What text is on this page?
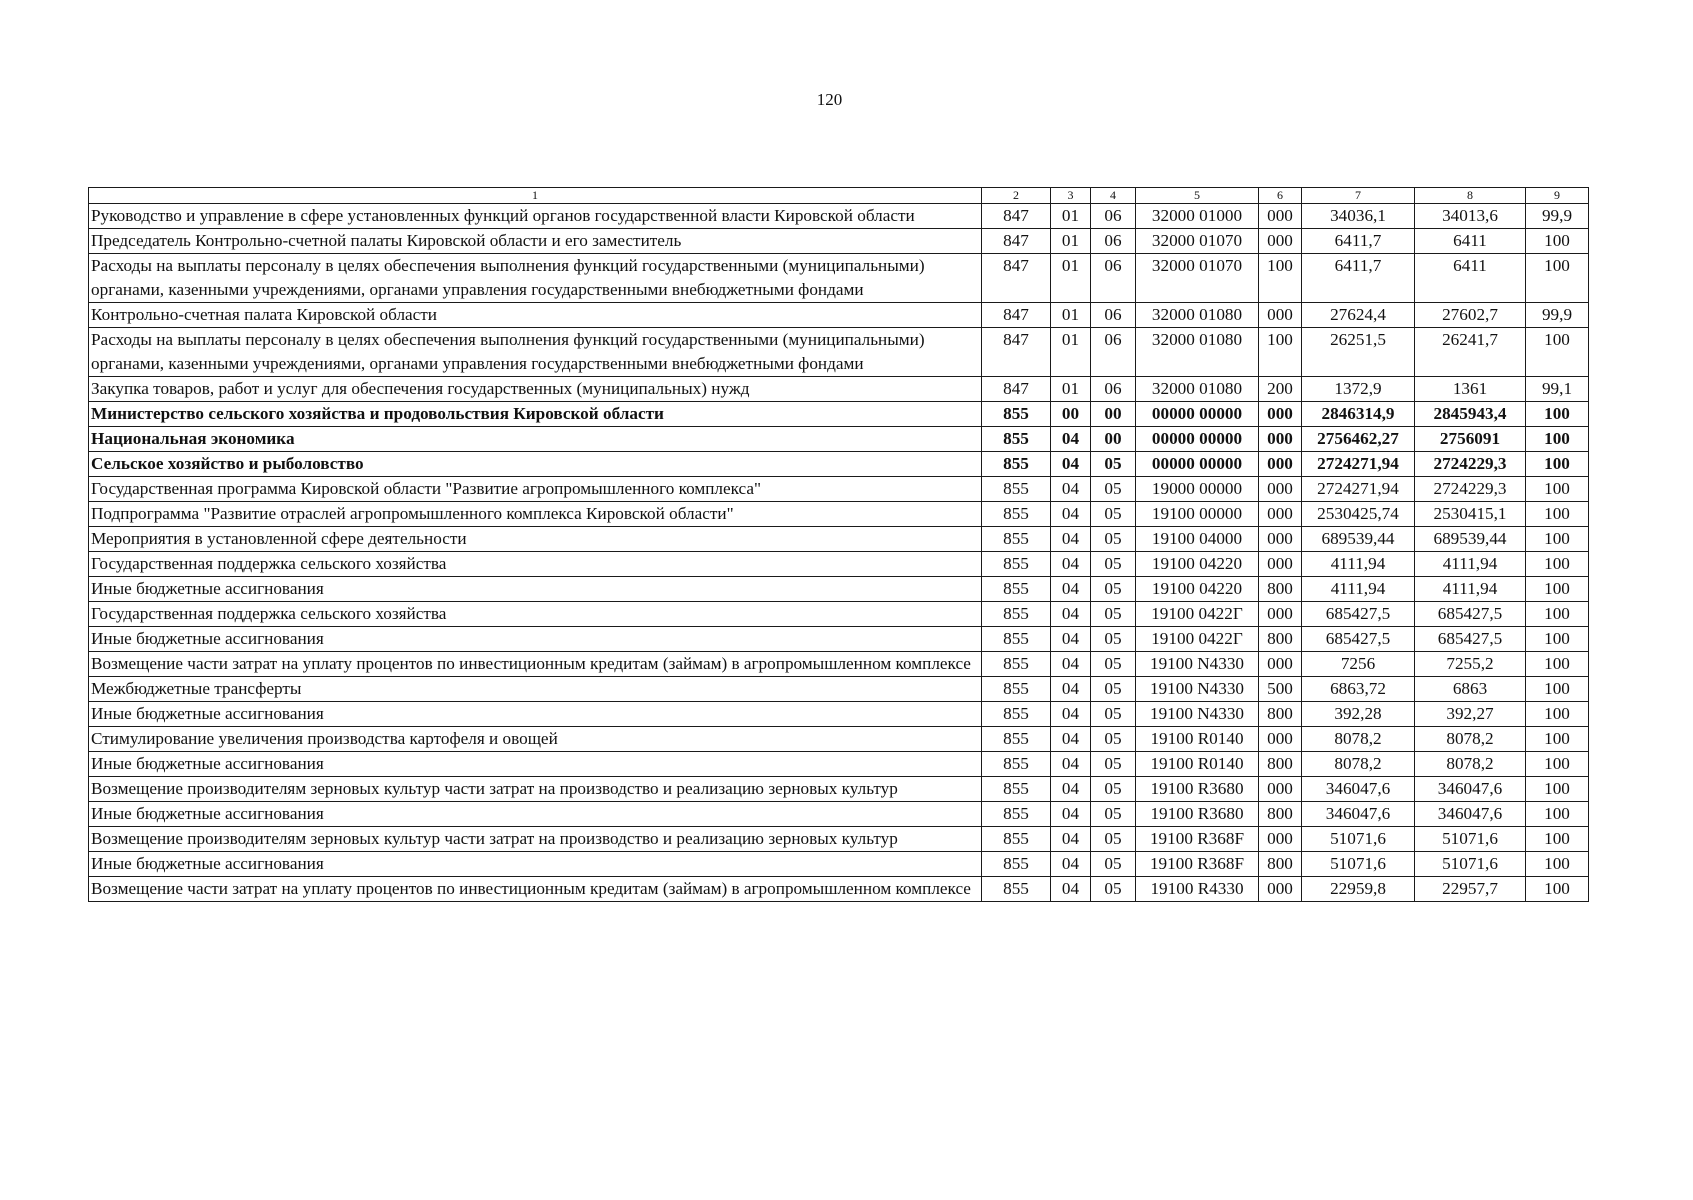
120
1	2	3	4	5	6	7	8	9
Руководство и управление в сфере установленных функций органов государственной власти Кировской области	847	01	06	32000 01000	000	34036,1	34013,6	99,9
Председатель Контрольно-счетной палаты Кировской области и его заместитель	847	01	06	32000 01070	000	6411,7	6411	100
Расходы на выплаты персоналу в целях обеспечения выполнения функций государственными (муниципальными) органами, казенными учреждениями, органами управления государственными внебюджетными фондами	847	01	06	32000 01070	100	6411,7	6411	100
Контрольно-счетная палата Кировской области	847	01	06	32000 01080	000	27624,4	27602,7	99,9
Расходы на выплаты персоналу в целях обеспечения выполнения функций государственными (муниципальными) органами, казенными учреждениями, органами управления государственными внебюджетными фондами	847	01	06	32000 01080	100	26251,5	26241,7	100
Закупка товаров, работ и услуг для обеспечения государственных (муниципальных) нужд	847	01	06	32000 01080	200	1372,9	1361	99,1
Министерство сельского хозяйства и продовольствия Кировской области	855	00	00	00000 00000	000	2846314,9	2845943,4	100
Национальная экономика	855	04	00	00000 00000	000	2756462,27	2756091	100
Сельское хозяйство и рыболовство	855	04	05	00000 00000	000	2724271,94	2724229,3	100
Государственная программа Кировской области "Развитие агропромышленного комплекса"	855	04	05	19000 00000	000	2724271,94	2724229,3	100
Подпрограмма "Развитие отраслей агропромышленного комплекса Кировской области"	855	04	05	19100 00000	000	2530425,74	2530415,1	100
Мероприятия в установленной сфере деятельности	855	04	05	19100 04000	000	689539,44	689539,44	100
Государственная поддержка сельского хозяйства	855	04	05	19100 04220	000	4111,94	4111,94	100
Иные бюджетные ассигнования	855	04	05	19100 04220	800	4111,94	4111,94	100
Государственная поддержка сельского хозяйства	855	04	05	19100 0422Г	000	685427,5	685427,5	100
Иные бюджетные ассигнования	855	04	05	19100 0422Г	800	685427,5	685427,5	100
Возмещение части затрат на уплату процентов по инвестиционным кредитам (займам) в агропромышленном комплексе	855	04	05	19100 N4330	000	7256	7255,2	100
Межбюджетные трансферты	855	04	05	19100 N4330	500	6863,72	6863	100
Иные бюджетные ассигнования	855	04	05	19100 N4330	800	392,28	392,27	100
Стимулирование увеличения производства картофеля и овощей	855	04	05	19100 R0140	000	8078,2	8078,2	100
Иные бюджетные ассигнования	855	04	05	19100 R0140	800	8078,2	8078,2	100
Возмещение производителям зерновых культур части затрат на производство и реализацию зерновых культур	855	04	05	19100 R3680	000	346047,6	346047,6	100
Иные бюджетные ассигнования	855	04	05	19100 R3680	800	346047,6	346047,6	100
Возмещение производителям зерновых культур части затрат на производство и реализацию зерновых культур	855	04	05	19100 R368F	000	51071,6	51071,6	100
Иные бюджетные ассигнования	855	04	05	19100 R368F	800	51071,6	51071,6	100
Возмещение части затрат на уплату процентов по инвестиционным кредитам (займам) в агропромышленном комплексе	855	04	05	19100 R4330	000	22959,8	22957,7	100
